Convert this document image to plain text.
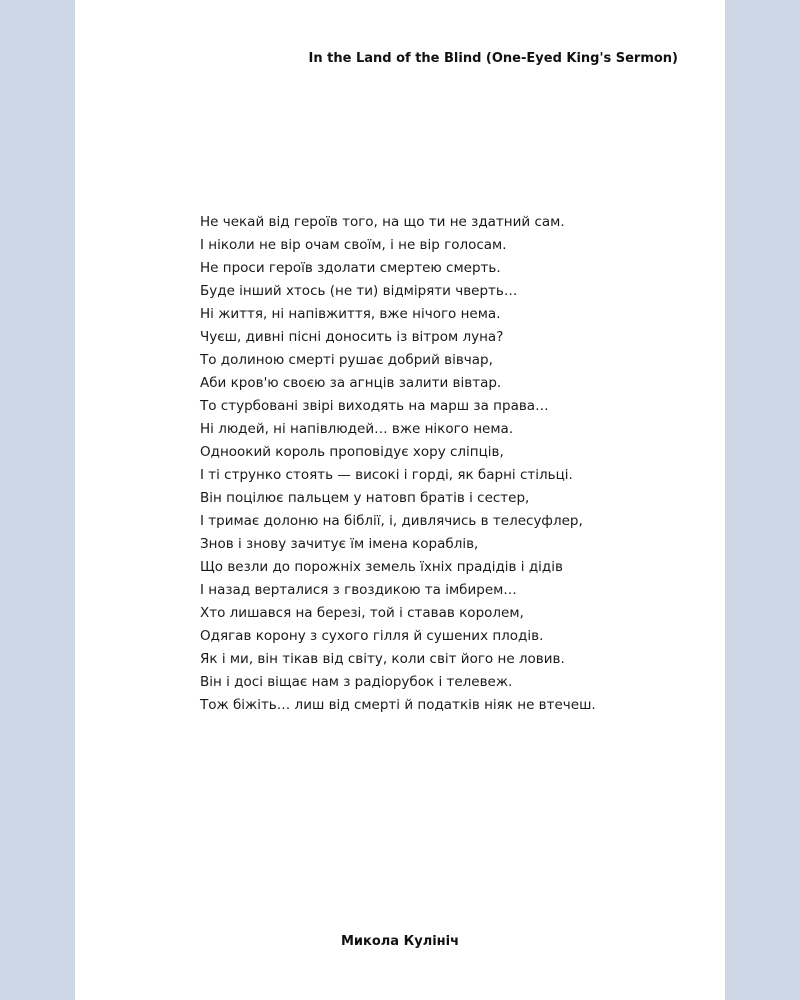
In the Land of the Blind (One-Eyed King's Sermon)
Не чекай від героїв того, на що ти не здатний сам.
І ніколи не вір очам своїм, і не вір голосам.
Не проси героїв здолати смертею смерть.
Буде інший хтось (не ти) відміряти чверть…
Ні життя, ні напівжиття, вже нічого нема.
Чуєш, дивні пісні доносить із вітром луна?
То долиною смерті рушає добрий вівчар,
Аби кров'ю своєю за агнців залити вівтар.
То стурбовані звірі виходять на марш за права…
Ні людей, ні напівлюдей… вже нікого нема.
Одноокий король проповідує хору сліпців,
І ті струнко стоять — високі і горді, як барні стільці.
Він поцілює пальцем у натовп братів і сестер,
І тримає долоню на біблії, і, дивлячись в телесуфлер,
Знов і знову зачитує їм імена кораблів,
Що везли до порожніх земель їхніх прадідів і дідів
І назад верталися з гвоздикою та імбирем…
Хто лишався на березі, той і ставав королем,
Одягав корону з сухого гілля й сушених плодів.
Як і ми, він тікав від світу, коли світ його не ловив.
Він і досі віщає нам з радіорубок і телевеж.
Тож біжіть… лиш від смерті й податків ніяк не втечеш.
Микола Кулініч
